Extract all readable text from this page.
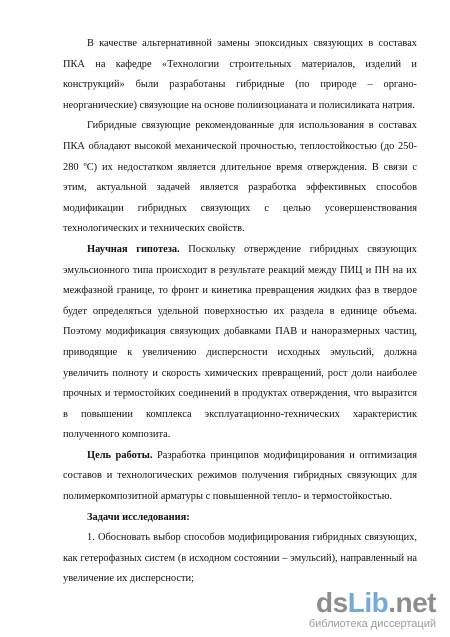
В качестве альтернативной замены эпоксидных связующих в составах ПКА на кафедре «Технологии строительных материалов, изделий и конструкций» были разработаны гибридные (по природе – органо-неорганические) связующие на основе полиизоцианата и полисиликата натрия.

Гибридные связующие рекомендованные для использования в составах ПКА обладают высокой механической прочностью, теплостойкостью (до 250-280 ºС) их недостатком является длительное время отверждения. В связи с этим, актуальной задачей является разработка эффективных способов модификации гибридных связующих с целью усовершенствования технологических и технических свойств.

Научная гипотеза. Поскольку отверждение гибридных связующих эмульсионного типа происходит в результате реакций между ПИЦ и ПН на их межфазной границе, то фронт и кинетика превращения жидких фаз в твердое будет определяться удельной поверхностью их раздела в единице объема. Поэтому модификация связующих добавками ПАВ и наноразмерных частиц, приводящие к увеличению дисперсности исходных эмульсий, должна увеличить полноту и скорость химических превращений, рост доли наиболее прочных и термостойких соединений в продуктах отверждения, что выразится в повышении комплекса эксплуатационно-технических характеристик полученного композита.

Цель работы. Разработка принципов модифицирования и оптимизация составов и технологических режимов получения гибридных связующих для полимеркомпозитной арматуры с повышенной тепло- и термостойкостью.

Задачи исследования:

1. Обосновать выбор способов модифицирования гибридных связующих, как гетерофазных систем (в исходном состоянии – эмульсий), направленный на увеличение их дисперсности;

dsLib.net
библиотека диссертаций
